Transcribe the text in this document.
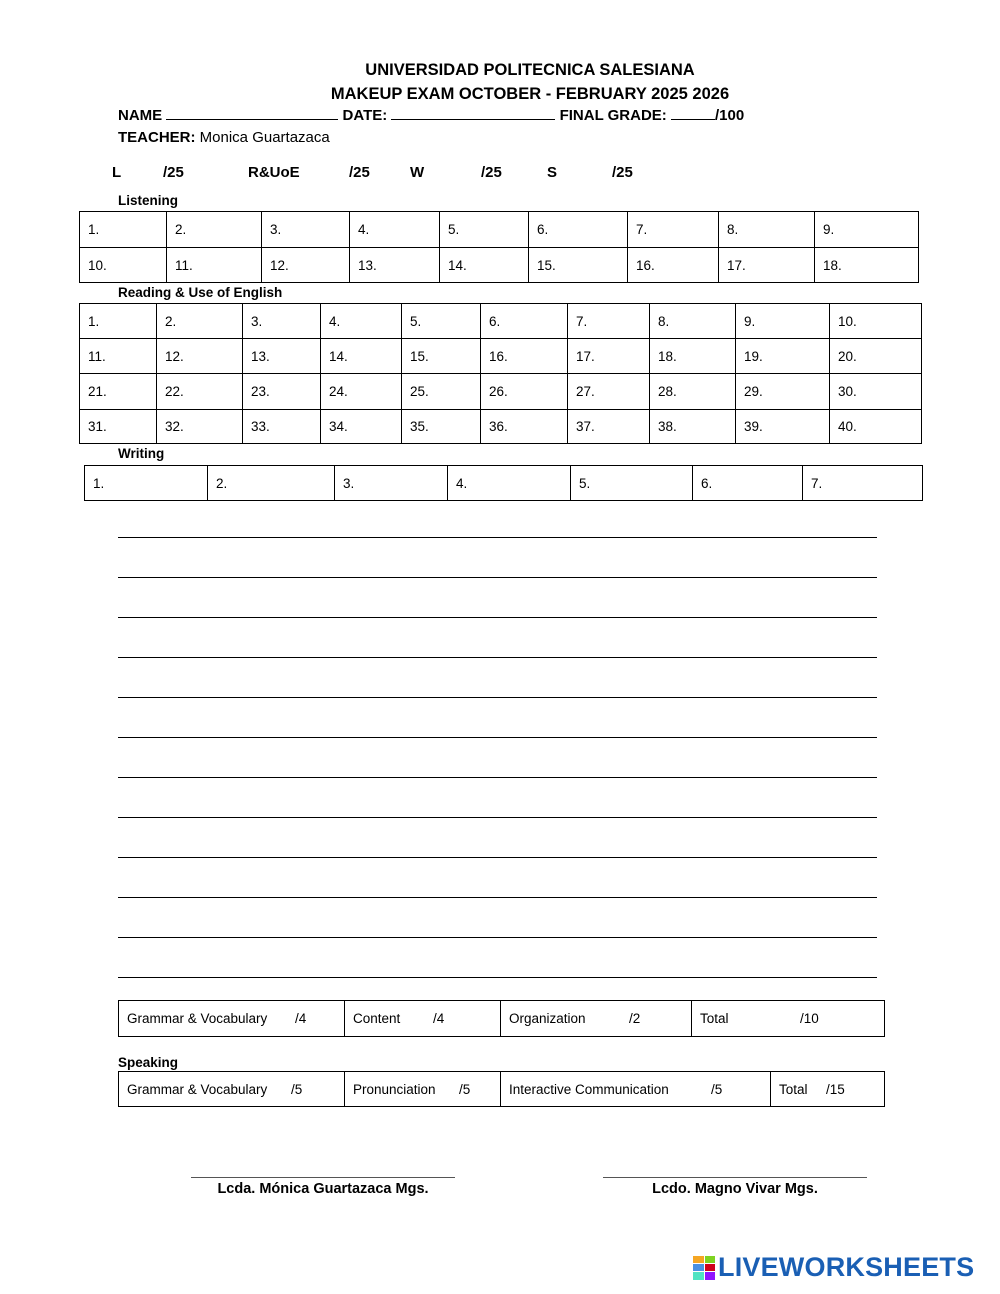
UNIVERSIDAD POLITECNICA SALESIANA
MAKEUP EXAM OCTOBER - FEBRUARY 2025 2026
NAME	DATE:	FINAL GRADE:	/100
TEACHER: Monica Guartazaca
L	/25	R&UoE	/25	W	/25	S	/25
Listening
1.	2.	3.	4.	5.	6.	7.	8.	9.
10.	11.	12.	13.	14.	15.	16.	17.	18.
Reading & Use of English
1.	2.	3.	4.	5.	6.	7.	8.	9.	10.
11.	12.	13.	14.	15.	16.	17.	18.	19.	20.
21.	22.	23.	24.	25.	26.	27.	28.	29.	30.
31.	32.	33.	34.	35.	36.	37.	38.	39.	40.
Writing
1.	2.	3.	4.	5.	6.	7.
Grammar & Vocabulary /4	Content /4	Organization	/2	Total	/10
Speaking
Grammar & Vocabulary /5	Pronunciation /5	Interactive Communication	/5	Total /15
Lcda. Mónica Guartazaca Mgs.	Lcdo. Magno Vivar Mgs.
LIVEWORKSHEETS
